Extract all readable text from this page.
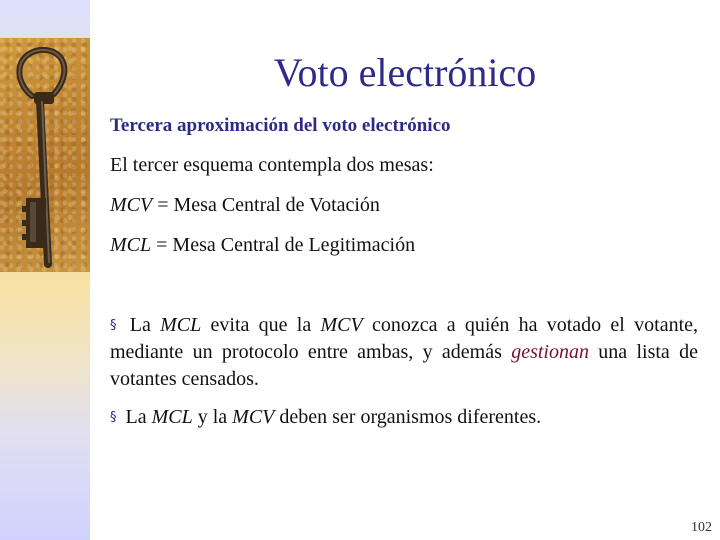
Voto electrónico

Tercera aproximación del voto electrónico

El tercer esquema contempla dos mesas:

MCV = Mesa Central de Votación

MCL = Mesa Central de Legitimación

§ La MCL evita que la MCV conozca a quién ha votado el votante, mediante un protocolo entre ambas, y además gestionan una lista de votantes censados.

§ La MCL y la MCV deben ser organismos diferentes.

102
